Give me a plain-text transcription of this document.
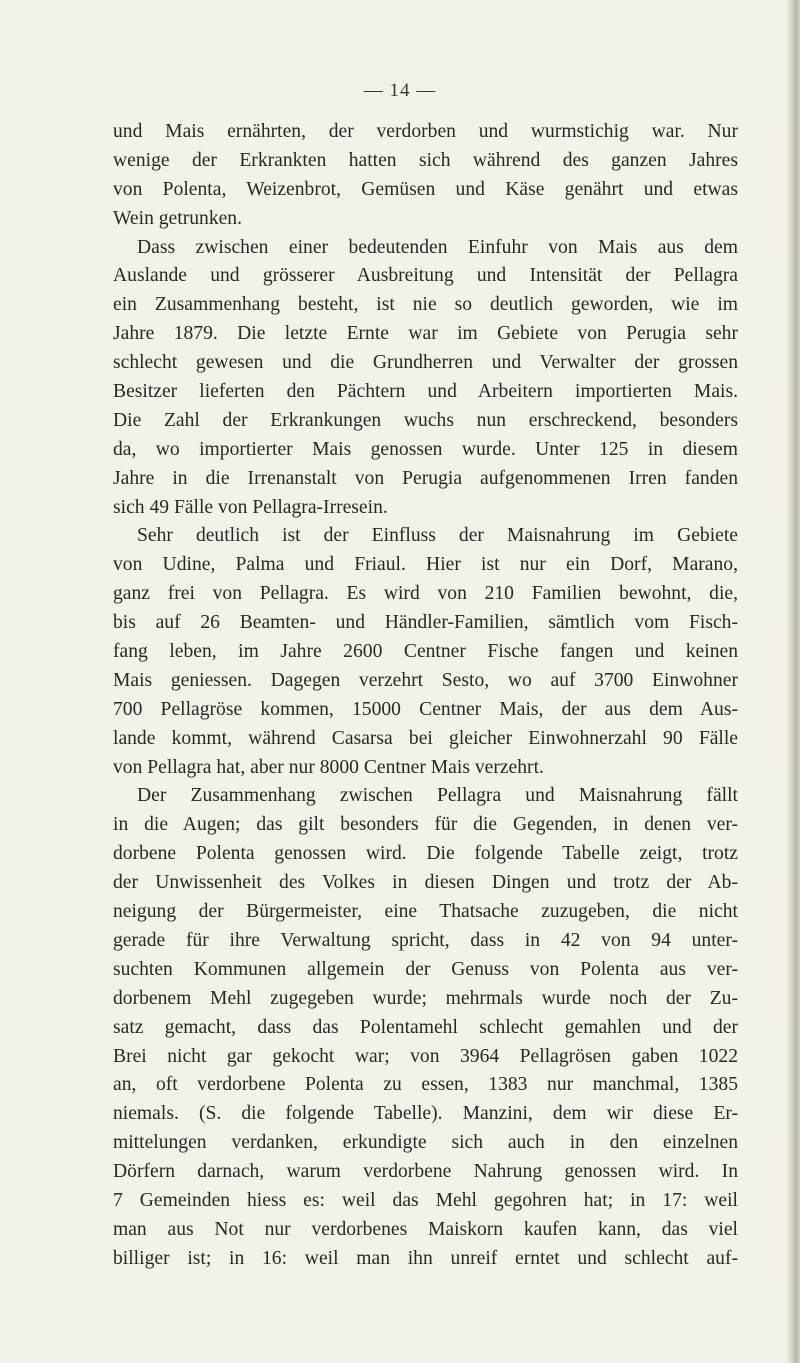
— 14 —
und Mais ernährten, der verdorben und wurmstichig war. Nur
wenige der Erkrankten hatten sich während des ganzen Jahres
von Polenta, Weizenbrot, Gemüsen und Käse genährt und etwas
Wein getrunken.
Dass zwischen einer bedeutenden Einfuhr von Mais aus dem
Auslande und grösserer Ausbreitung und Intensität der Pellagra
ein Zusammenhang besteht, ist nie so deutlich geworden, wie im
Jahre 1879. Die letzte Ernte war im Gebiete von Perugia sehr
schlecht gewesen und die Grundherren und Verwalter der grossen
Besitzer lieferten den Pächtern und Arbeitern importierten Mais.
Die Zahl der Erkrankungen wuchs nun erschreckend, besonders
da, wo importierter Mais genossen wurde. Unter 125 in diesem
Jahre in die Irrenanstalt von Perugia aufgenommenen Irren fanden
sich 49 Fälle von Pellagra-Irresein.
Sehr deutlich ist der Einfluss der Maisnahrung im Gebiete
von Udine, Palma und Friaul. Hier ist nur ein Dorf, Marano,
ganz frei von Pellagra. Es wird von 210 Familien bewohnt, die,
bis auf 26 Beamten- und Händler-Familien, sämtlich vom Fisch-
fang leben, im Jahre 2600 Centner Fische fangen und keinen
Mais geniessen. Dagegen verzehrt Sesto, wo auf 3700 Einwohner
700 Pellagröse kommen, 15000 Centner Mais, der aus dem Aus-
lande kommt, während Casarsa bei gleicher Einwohnerzahl 90 Fälle
von Pellagra hat, aber nur 8000 Centner Mais verzehrt.
Der Zusammenhang zwischen Pellagra und Maisnahrung fällt
in die Augen; das gilt besonders für die Gegenden, in denen ver-
dorbene Polenta genossen wird. Die folgende Tabelle zeigt, trotz
der Unwissenheit des Volkes in diesen Dingen und trotz der Ab-
neigung der Bürgermeister, eine Thatsache zuzugeben, die nicht
gerade für ihre Verwaltung spricht, dass in 42 von 94 unter-
suchten Kommunen allgemein der Genuss von Polenta aus ver-
dorbenem Mehl zugegeben wurde; mehrmals wurde noch der Zu-
satz gemacht, dass das Polentamehl schlecht gemahlen und der
Brei nicht gar gekocht war; von 3964 Pellagrösen gaben 1022
an, oft verdorbene Polenta zu essen, 1383 nur manchmal, 1385
niemals. (S. die folgende Tabelle). Manzini, dem wir diese Er-
mittelungen verdanken, erkundigte sich auch in den einzelnen
Dörfern darnach, warum verdorbene Nahrung genossen wird. In
7 Gemeinden hiess es: weil das Mehl gegohren hat; in 17: weil
man aus Not nur verdorbenes Maiskorn kaufen kann, das viel
billiger ist; in 16: weil man ihn unreif erntet und schlecht auf-
